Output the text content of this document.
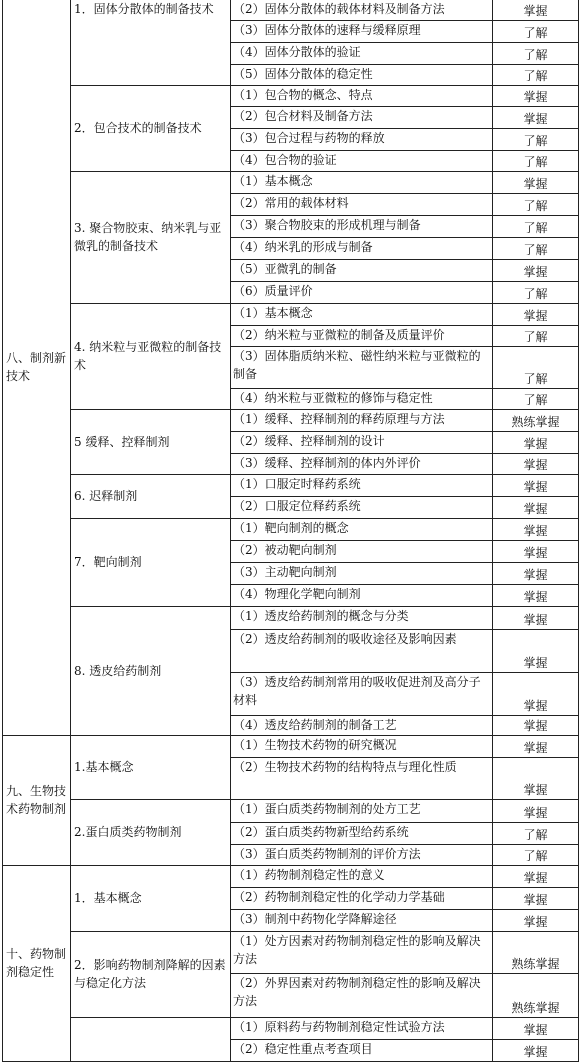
八、制剂新技术	1．固体分散体的制备技术	（2）固体分散体的载体材料及制备方法	掌握

		（3）固体分散体的速释与缓释原理	了解

		（4）固体分散体的验证	了解

		（5）固体分散体的稳定性	了解

	2．包合技术的制备技术	（1）包合物的概念、特点	掌握

		（2）包合材料及制备方法	掌握

		（3）包合过程与药物的释放	了解

		（4）包合物的验证	了解

	3. 聚合物胶束、纳米乳与亚微乳的制备技术	（1）基本概念	掌握

		（2）常用的载体材料	了解

		（3）聚合物胶束的形成机理与制备	了解

		（4）纳米乳的形成与制备	了解

		（5）亚微乳的制备	掌握

		（6）质量评价	了解

	4. 纳米粒与亚微粒的制备技术	（1）基本概念	掌握

		（2）纳米粒与亚微粒的制备及质量评价	了解

		（3）固体脂质纳米粒、磁性纳米粒与亚微粒的制备	了解

		（4）纳米粒与亚微粒的修饰与稳定性	了解

	5 缓释、控释制剂	（1）缓释、控释制剂的释药原理与方法	熟练掌握

		（2）缓释、控释制剂的设计	掌握

		（3）缓释、控释制剂的体内外评价	掌握

	6. 迟释制剂	（1）口服定时释药系统	掌握

		（2）口服定位释药系统	掌握

	7．靶向制剂	（1）靶向制剂的概念	掌握

		（2）被动靶向制剂	掌握

		（3）主动靶向制剂	掌握

		（4）物理化学靶向制剂	掌握

	8. 透皮给药制剂	（1）透皮给药制剂的概念与分类	掌握

		（2）透皮给药制剂的吸收途径及影响因素	掌握

		（3）透皮给药制剂常用的吸收促进剂及高分子材料	掌握

		（4）透皮给药制剂的制备工艺	掌握

九、生物技术药物制剂	1.基本概念	（1）生物技术药物的研究概况	掌握

		（2）生物技术药物的结构特点与理化性质	掌握

	2.蛋白质类药物制剂	（1）蛋白质类药物制剂的处方工艺	掌握

		（2）蛋白质类药物新型给药系统	了解

		（3）蛋白质类药物制剂的评价方法	了解

十、药物制剂稳定性	1．基本概念	（1）药物制剂稳定性的意义	掌握

		（2）药物制剂稳定性的化学动力学基础	掌握

		（3）制剂中药物化学降解途径	掌握

	2．影响药物制剂降解的因素与稳定化方法	（1）处方因素对药物制剂稳定性的影响及解决方法	熟练掌握

		（2）外界因素对药物制剂稳定性的影响及解决方法	熟练掌握

		（1）原料药与药物制剂稳定性试验方法	掌握

		（2）稳定性重点考查项目	掌握
